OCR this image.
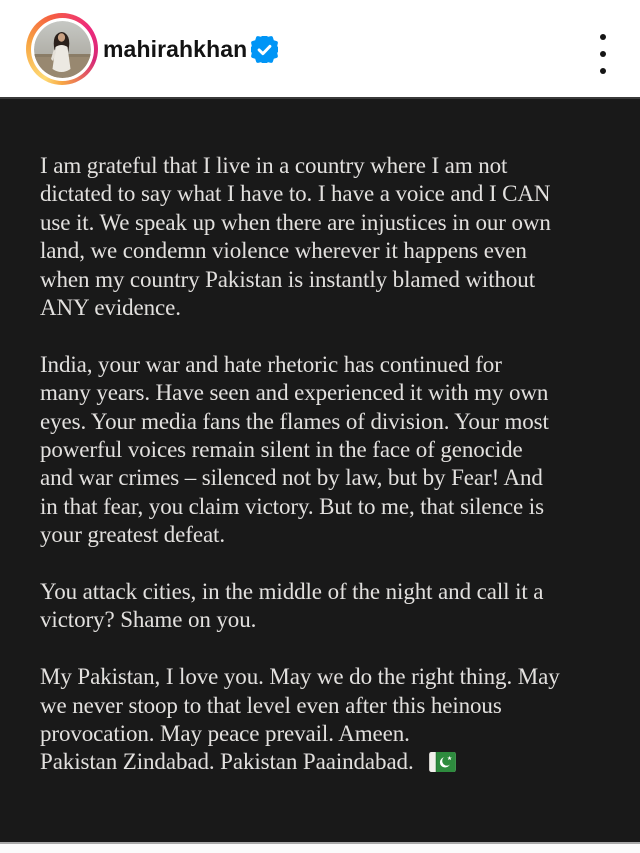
mahirahkhan
I am grateful that I live in a country where I am not
dictated to say what I have to. I have a voice and I CAN
use it. We speak up when there are injustices in our own
land, we condemn violence wherever it happens even
when my country Pakistan is instantly blamed without
ANY evidence.
India, your war and hate rhetoric has continued for
many years. Have seen and experienced it with my own
eyes. Your media fans the flames of division. Your most
powerful voices remain silent in the face of genocide
and war crimes – silenced not by law, but by Fear! And
in that fear, you claim victory. But to me, that silence is
your greatest defeat.
You attack cities, in the middle of the night and call it a
victory? Shame on you.
My Pakistan, I love you. May we do the right thing. May
we never stoop to that level even after this heinous
provocation. May peace prevail. Ameen.
Pakistan Zindabad. Pakistan Paaindabad.
